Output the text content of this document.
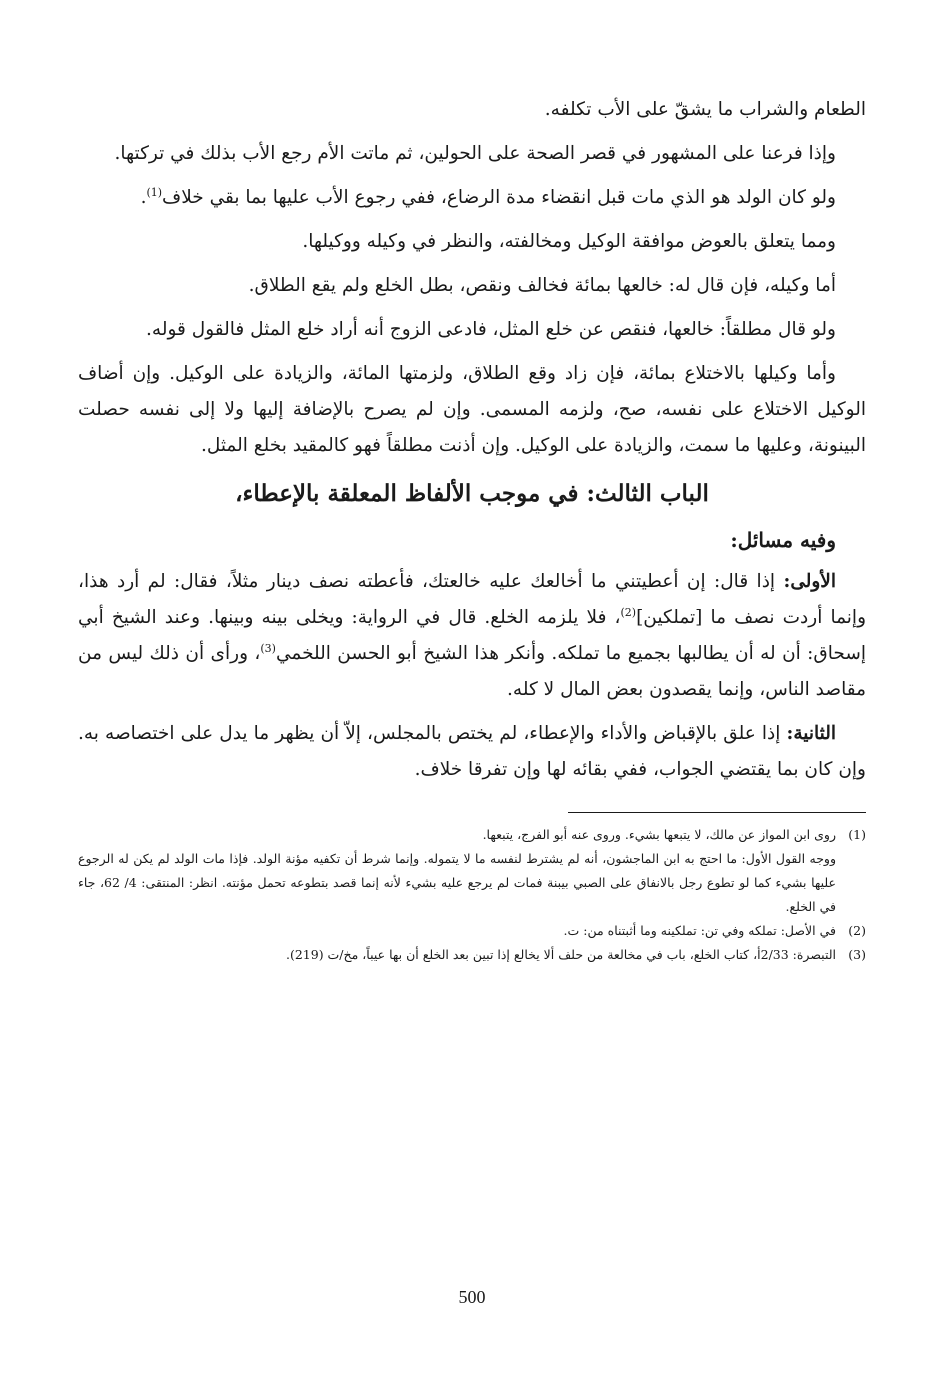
الطعام والشراب ما يشقّ على الأب تكلفه.

وإذا فرعنا على المشهور في قصر الصحة على الحولين، ثم ماتت الأم رجع الأب بذلك في تركتها.

ولو كان الولد هو الذي مات قبل انقضاء مدة الرضاع، ففي رجوع الأب عليها بما بقي خلاف$^{(1)}$.

ومما يتعلق بالعوض موافقة الوكيل ومخالفته، والنظر في وكيله ووكيلها.

أما وكيله، فإن قال له: خالعها بمائة فخالف ونقص، بطل الخلع ولم يقع الطلاق.

ولو قال مطلقاً: خالعها، فنقص عن خلع المثل، فادعى الزوج أنه أراد خلع المثل فالقول قوله.

وأما وكيلها بالاختلاع بمائة، فإن زاد وقع الطلاق، ولزمتها المائة، والزيادة على الوكيل. وإن أضاف الوكيل الاختلاع على نفسه، صح، ولزمه المسمى. وإن لم يصرح بالإضافة إليها ولا إلى نفسه حصلت البينونة، وعليها ما سمت، والزيادة على الوكيل. وإن أذنت مطلقاً فهو كالمقيد بخلع المثل.

الباب الثالث: في موجب الألفاظ المعلقة بالإعطاء،
وفيه مسائل:

الأولى: إذا قال: إن أعطيتني ما أخالعك عليه خالعتك، فأعطته نصف دينار مثلاً، فقال: لم أرد هذا، وإنما أردت نصف ما [تملكين]$^{(2)}$، فلا يلزمه الخلع. قال في الرواية: ويخلى بينه وبينها. وعند الشيخ أبي إسحاق: أن له أن يطالبها بجميع ما تملكه. وأنكر هذا الشيخ أبو الحسن اللخمي$^{(3)}$، ورأى أن ذلك ليس من مقاصد الناس، وإنما يقصدون بعض المال لا كله.

الثانية: إذا علق بالإقباض والأداء والإعطاء، لم يختص بالمجلس، إلاّ أن يظهر ما يدل على اختصاصه به. وإن كان بما يقتضي الجواب، ففي بقائه لها وإن تفرقا خلاف.

(1)
روى ابن المواز عن مالك، لا يتبعها بشيء. وروى عنه أبو الفرج، يتبعها.
ووجه القول الأول: ما احتج به ابن الماجشون، أنه لم يشترط لنفسه ما لا يتموله. وإنما شرط أن تكفيه مؤنة الولد. فإذا مات الولد لم يكن له الرجوع عليها بشيء كما لو تطوع رجل بالانفاق على الصبي بيبنة فمات لم يرجع عليه بشيء لأنه إنما قصد بتطوعه تحمل مؤنته. انظر: المنتقى: 4/ 62، جاء في الخلع.
(2)
في الأصل: تملكه وفي تن: تملكينه وما أثبتناه من: ت.
(3)
التبصرة: 2/33أ، كتاب الخلع، باب في مخالعة من حلف ألا يخالع إذا تبين بعد الخلع أن بها عيباً، مخ/ت (219).
500
